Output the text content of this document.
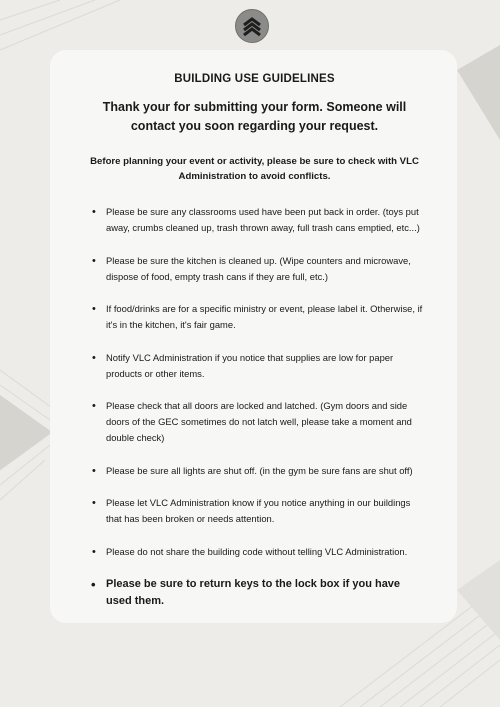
BUILDING USE GUIDELINES

Thank your for submitting your form. Someone will contact you soon regarding your request.

Before planning your event or activity, please be sure to check with VLC Administration to avoid conflicts.

• Please be sure any classrooms used have been put back in order. (toys put away, crumbs cleaned up, trash thrown away, full trash cans emptied, etc...)
• Please be sure the kitchen is cleaned up. (Wipe counters and microwave, dispose of food, empty trash cans if they are full, etc.)
• If food/drinks are for a specific ministry or event, please label it. Otherwise, if it's in the kitchen, it's fair game.
• Notify VLC Administration if you notice that supplies are low for paper products or other items.
• Please check that all doors are locked and latched. (Gym doors and side doors of the GEC sometimes do not latch well, please take a moment and double check)
• Please be sure all lights are shut off. (in the gym be sure fans are shut off)
• Please let VLC Administration know if you notice anything in our buildings that has been broken or needs attention.
• Please do not share the building code without telling VLC Administration.
• Please be sure to return keys to the lock box if you have used them.
